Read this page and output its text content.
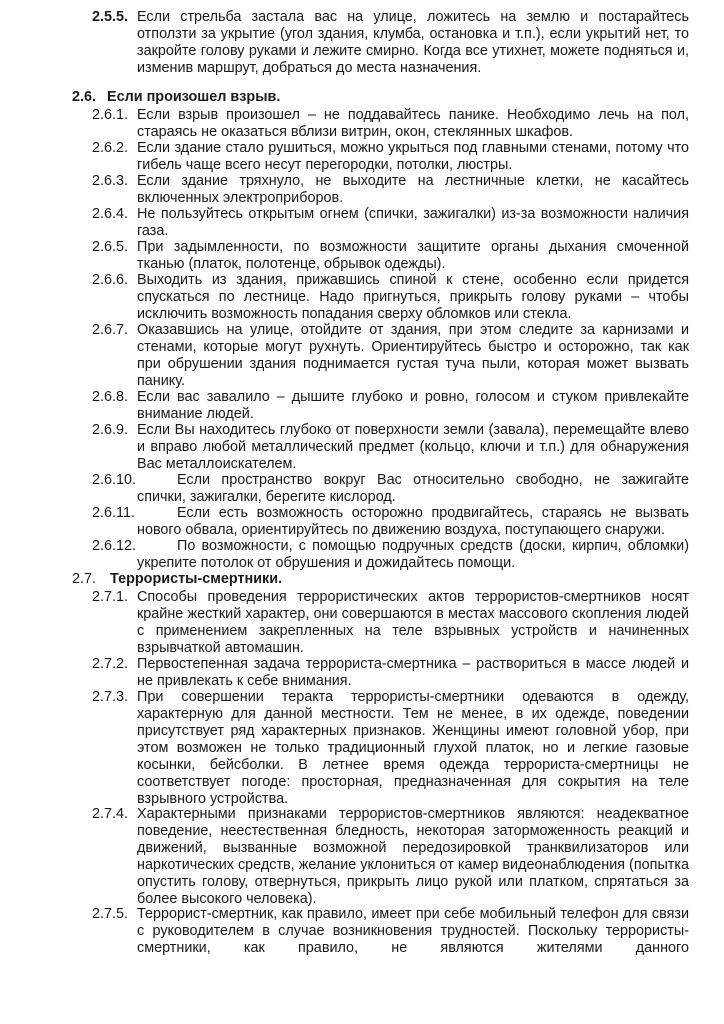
2.5.5. Если стрельба застала вас на улице, ложитесь на землю и постарайтесь отползти за укрытие (угол здания, клумба, остановка и т.п.), если укрытий нет, то закройте голову руками и лежите смирно. Когда все утихнет, можете подняться и, изменив маршрут, добраться до места назначения.
2.6. Если произошел взрыв.
2.6.1. Если взрыв произошел – не поддавайтесь панике. Необходимо лечь на пол, стараясь не оказаться вблизи витрин, окон, стеклянных шкафов.
2.6.2. Если здание стало рушиться, можно укрыться под главными стенами, потому что гибель чаще всего несут перегородки, потолки, люстры.
2.6.3. Если здание тряхнуло, не выходите на лестничные клетки, не касайтесь включенных электроприборов.
2.6.4. Не пользуйтесь открытым огнем (спички, зажигалки) из-за возможности наличия газа.
2.6.5. При задымленности, по возможности защитите органы дыхания смоченной тканью (платок, полотенце, обрывок одежды).
2.6.6. Выходить из здания, прижавшись спиной к стене, особенно если придется спускаться по лестнице. Надо пригнуться, прикрыть голову руками – чтобы исключить возможность попадания сверху обломков или стекла.
2.6.7. Оказавшись на улице, отойдите от здания, при этом следите за карнизами и стенами, которые могут рухнуть. Ориентируйтесь быстро и осторожно, так как при обрушении здания поднимается густая туча пыли, которая может вызвать панику.
2.6.8. Если вас завалило – дышите глубоко и ровно, голосом и стуком привлекайте внимание людей.
2.6.9. Если Вы находитесь глубоко от поверхности земли (завала), перемещайте влево и вправо любой металлический предмет (кольцо, ключи и т.п.) для обнаружения Вас металлоискателем.
2.6.10.	Если пространство вокруг Вас относительно свободно, не зажигайте
спички, зажигалки, берегите кислород.
2.6.11.	Если есть возможность осторожно продвигайтесь, стараясь не вызвать
нового обвала, ориентируйтесь по движению воздуха, поступающего снаружи.
2.6.12.	По возможности, с помощью подручных средств (доски, кирпич, обломки)
укрепите потолок от обрушения и дожидайтесь помощи.
2.7. Террористы-смертники.
2.7.1. Способы проведения террористических актов террористов-смертников носят крайне жесткий характер, они совершаются в местах массового скопления людей с применением закрепленных на теле взрывных устройств и начиненных взрывчаткой автомашин.
2.7.2. Первостепенная задача террориста-смертника – раствориться в массе людей и не привлекать к себе внимания.
2.7.3. При совершении теракта террористы-смертники одеваются в одежду, характерную для данной местности. Тем не менее, в их одежде, поведении присутствует ряд характерных признаков. Женщины имеют головной убор, при этом возможен не только традиционный глухой платок, но и легкие газовые косынки, бейсболки. В летнее время одежда террориста-смертницы не соответствует погоде: просторная, предназначенная для сокрытия на теле взрывного устройства.
2.7.4. Характерными признаками террористов-смертников являются: неадекватное поведение, неестественная бледность, некоторая заторможенность реакций и движений, вызванные возможной передозировкой транквилизаторов или наркотических средств, желание уклониться от камер видеонаблюдения (попытка опустить голову, отвернуться, прикрыть лицо рукой или платком, спрятаться за более высокого человека).
2.7.5. Террорист-смертник, как правило, имеет при себе мобильный телефон для связи с руководителем в случае возникновения трудностей. Поскольку террористы-смертники, как правило, не являются жителями данного
